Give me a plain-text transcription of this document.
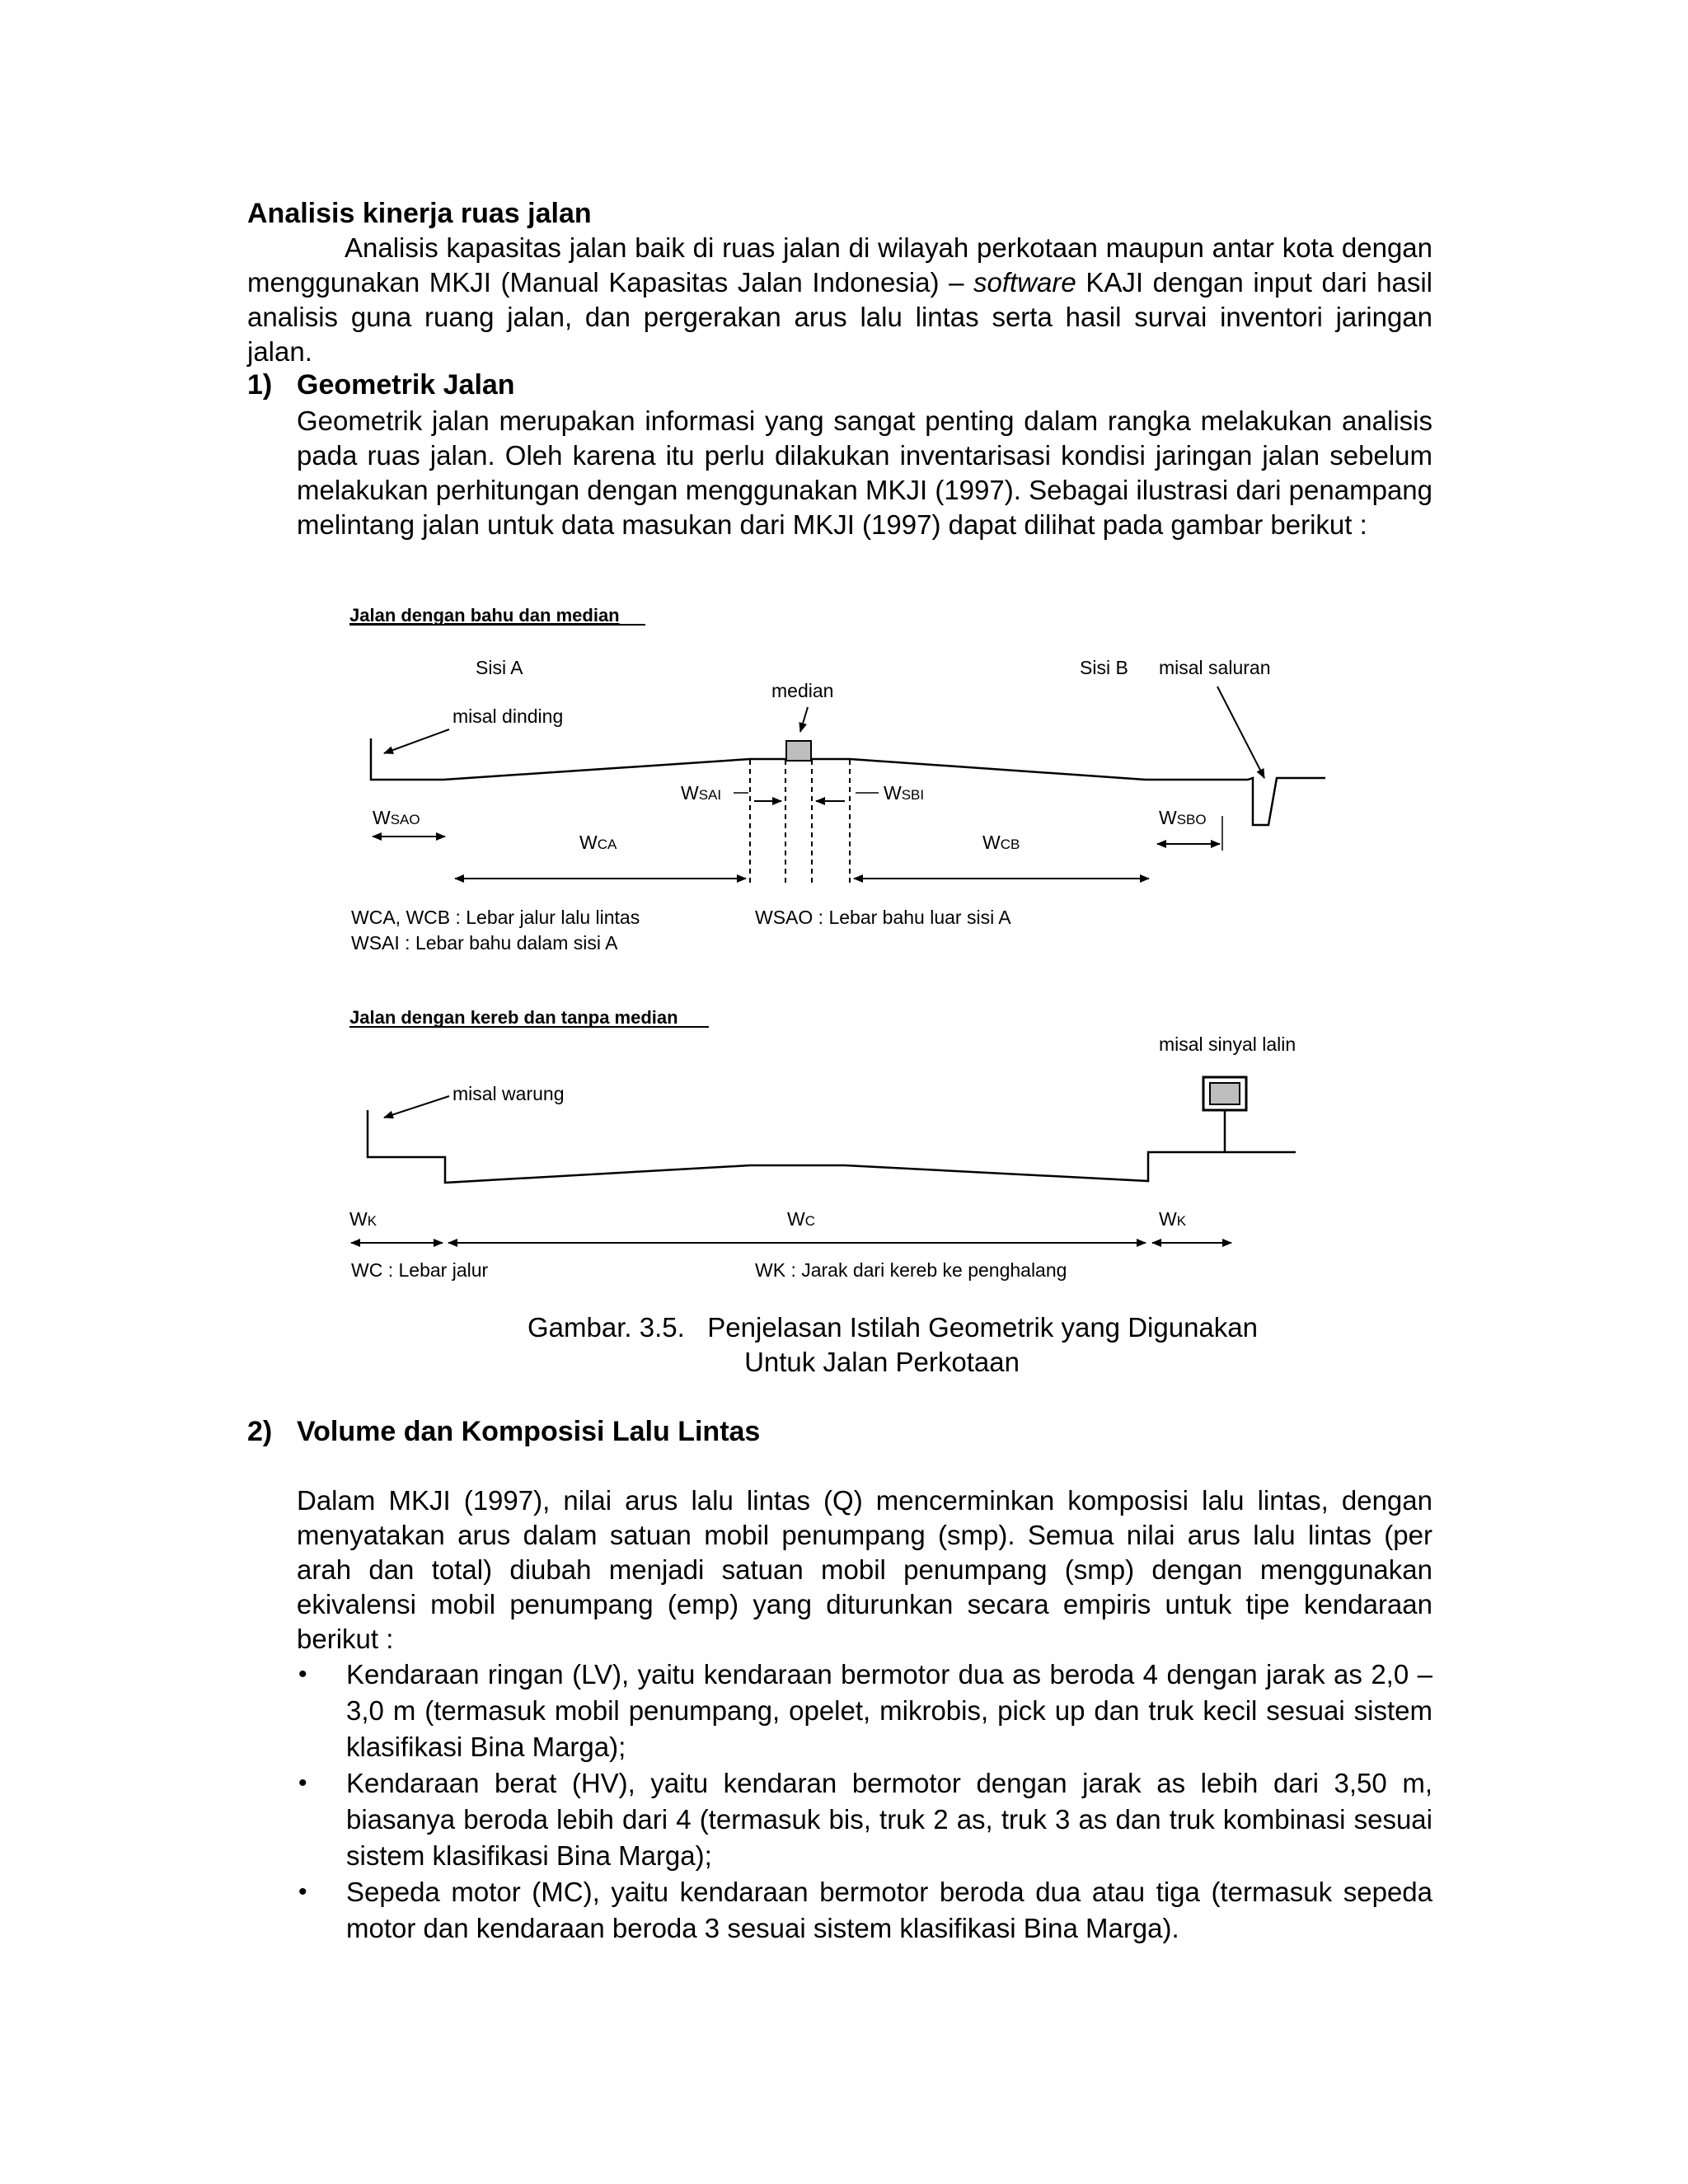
Analisis kinerja ruas jalan

Analisis kapasitas jalan baik di ruas jalan di wilayah perkotaan maupun antar kota dengan menggunakan MKJI (Manual Kapasitas Jalan Indonesia) – software KAJI dengan input dari hasil analisis guna ruang jalan, dan pergerakan arus lalu lintas serta hasil survai inventori jaringan jalan.

1) Geometrik Jalan
Geometrik jalan merupakan informasi yang sangat penting dalam rangka melakukan analisis pada ruas jalan. Oleh karena itu perlu dilakukan inventarisasi kondisi jaringan jalan sebelum melakukan perhitungan dengan menggunakan MKJI (1997). Sebagai ilustrasi dari penampang melintang jalan untuk data masukan dari MKJI (1997) dapat dilihat pada gambar berikut :
Jalan dengan bahu dan median
Sisi A	Sisi B misal saluran
median
misal dinding
WSAI	WSBI
WSAO	WSBO
WCA	WCB
WCA, WCB : Lebar jalur lalu lintas
WSAI : Lebar bahu dalam sisi A
WSAO : Lebar bahu luar sisi A
Jalan dengan kereb dan tanpa median
misal sinyal lalin
misal warung
WK	WC	WK
WC : Lebar jalur	WK : Jarak dari kereb ke penghalang
Gambar. 3.5.   Penjelasan Istilah Geometrik yang Digunakan
Untuk Jalan Perkotaan
2) Volume dan Komposisi Lalu Lintas
Dalam MKJI (1997), nilai arus lalu lintas (Q) mencerminkan komposisi lalu lintas, dengan menyatakan arus dalam satuan mobil penumpang (smp). Semua nilai arus lalu lintas (per arah dan total) diubah menjadi satuan mobil penumpang (smp) dengan menggunakan ekivalensi mobil penumpang (emp) yang diturunkan secara empiris untuk tipe kendaraan berikut :
• Kendaraan ringan (LV), yaitu kendaraan bermotor dua as beroda 4 dengan jarak as 2,0 – 3,0 m (termasuk mobil penumpang, opelet, mikrobis, pick up dan truk kecil sesuai sistem klasifikasi Bina Marga);
• Kendaraan berat (HV), yaitu kendaran bermotor dengan jarak as lebih dari 3,50 m, biasanya beroda lebih dari 4 (termasuk bis, truk 2 as, truk 3 as dan truk kombinasi sesuai sistem klasifikasi Bina Marga);
• Sepeda motor (MC), yaitu kendaraan bermotor beroda dua atau tiga (termasuk sepeda motor dan kendaraan beroda 3 sesuai sistem klasifikasi Bina Marga).
